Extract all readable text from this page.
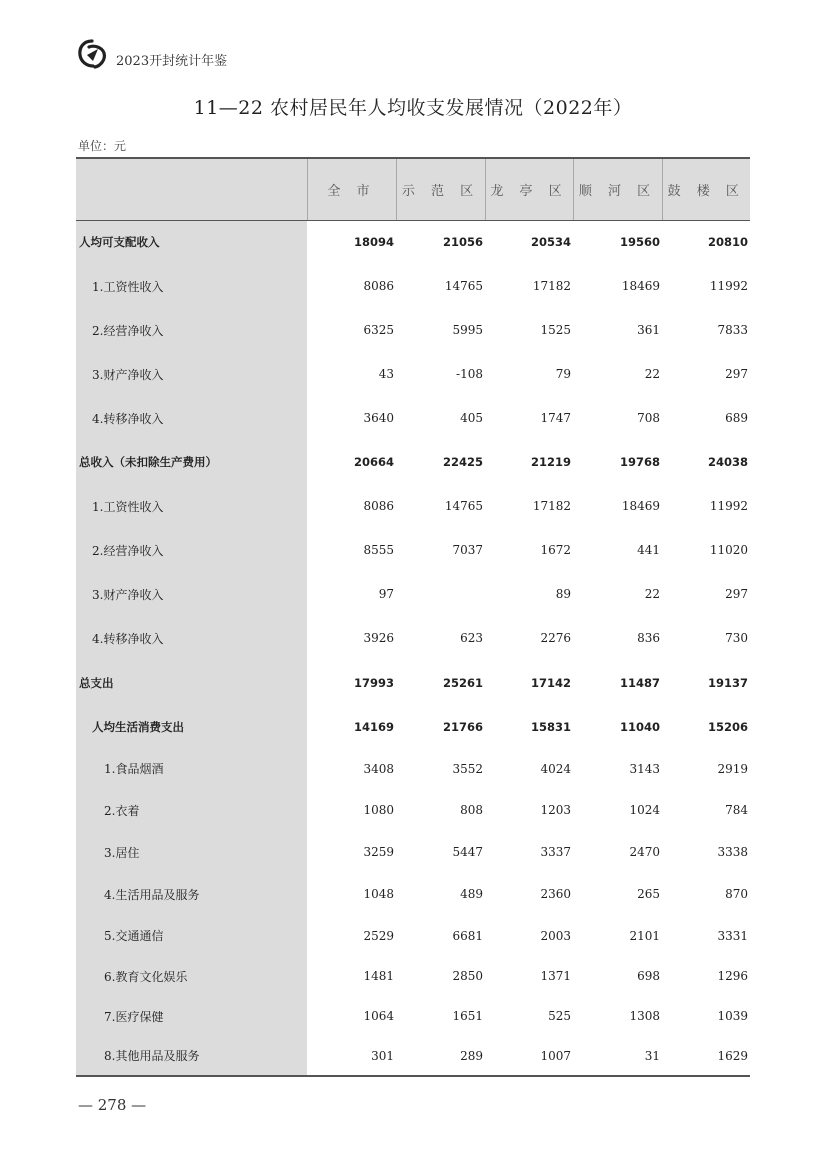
2023开封统计年鉴
11—22 农村居民年人均收支发展情况（2022年）
单位：元
	全 市	示 范 区	龙 亭 区	顺 河 区	鼓 楼 区
人均可支配收入	18094	21056	20534	19560	20810
1.工资性收入	8086	14765	17182	18469	11992
2.经营净收入	6325	5995	1525	361	7833
3.财产净收入	43	-108	79	22	297
4.转移净收入	3640	405	1747	708	689
总收入（未扣除生产费用）	20664	22425	21219	19768	24038
1.工资性收入	8086	14765	17182	18469	11992
2.经营净收入	8555	7037	1672	441	11020
3.财产净收入	97		89	22	297
4.转移净收入	3926	623	2276	836	730
总支出	17993	25261	17142	11487	19137
人均生活消费支出	14169	21766	15831	11040	15206
1.食品烟酒	3408	3552	4024	3143	2919
2.衣着	1080	808	1203	1024	784
3.居住	3259	5447	3337	2470	3338
4.生活用品及服务	1048	489	2360	265	870
5.交通通信	2529	6681	2003	2101	3331
6.教育文化娱乐	1481	2850	1371	698	1296
7.医疗保健	1064	1651	525	1308	1039
8.其他用品及服务	301	289	1007	31	1629
— 278 —
